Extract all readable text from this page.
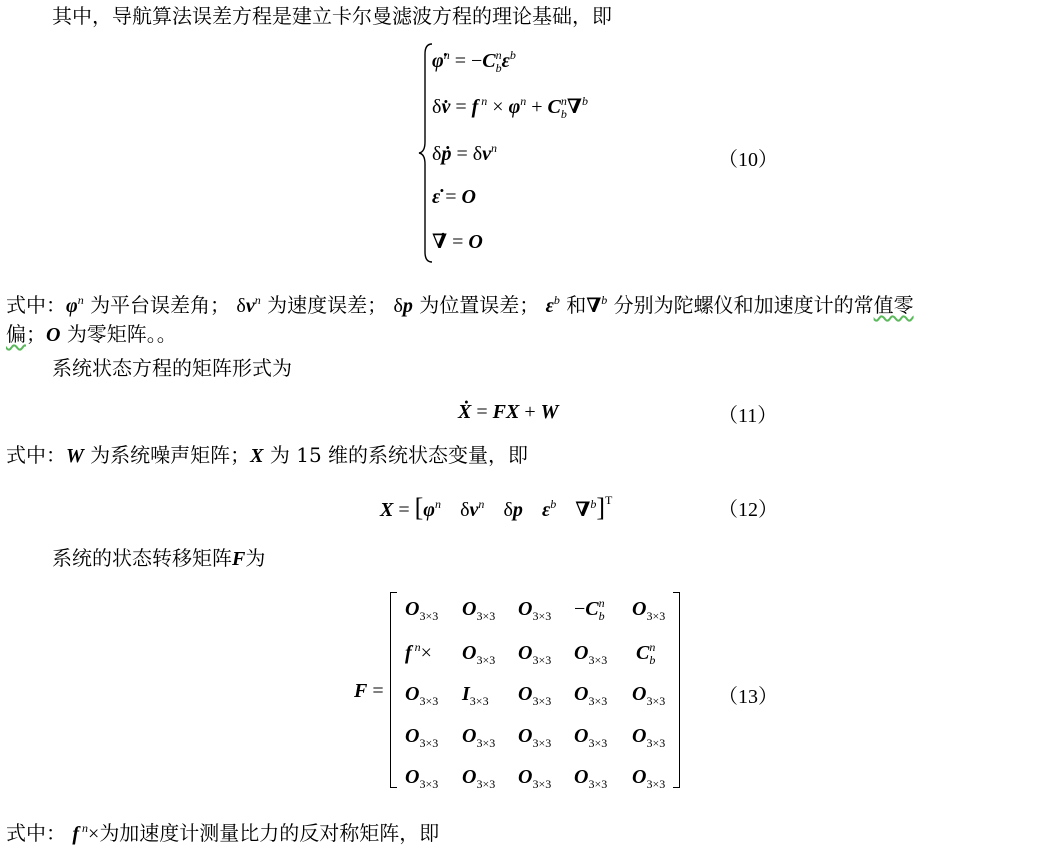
其中，导航算法误差方程是建立卡尔曼滤波方程的理论基础，即
φ̇$^n$ = $-C_b^n\varepsilon^b$
δv̇ = f $^n \times \varphi^n + C_b^n\nabla^b$
δṗ = $\delta v^n$
ε̇ = O
∇̇ = O
（10）
式中：$\varphi^n$ 为平台误差角； $\delta v^n$ 为速度误差； δp 为位置误差； $\varepsilon^b$ 和∇$^b$ 分别为陀螺仪和加速度计的常值零
偏；O 为零矩阵。。
系统状态方程的矩阵形式为
Ẋ = FX + W	（11）
式中：W 为系统噪声矩阵；X 为 15 维的系统状态变量，即
$X = [\varphi^n$ $\delta v^n$ δp $\varepsilon^b$ ∇$^b$]$^T$	（12）
系统的状态转移矩阵F为
F =
$O_{3\times 3}$ $O_{3\times 3}$ $O_{3\times 3} -C_b^n$ $O_{3\times 3}$
f $^n\times O_{3\times 3}$ $O_{3\times 3}$ $O_{3\times 3}$ $C_b^n$
$O_{3\times 3}$ $I_{3\times 3}$ $O_{3\times 3}$ $O_{3\times 3}$ $O_{3\times 3}$
$O_{3\times 3}$ $O_{3\times 3}$ $O_{3\times 3}$ $O_{3\times 3}$ $O_{3\times 3}$
$O_{3\times 3}$ $O_{3\times 3}$ $O_{3\times 3}$ $O_{3\times 3}$ $O_{3\times 3}$
（13）
式中： f $^n$×为加速度计测量比力的反对称矩阵，即
